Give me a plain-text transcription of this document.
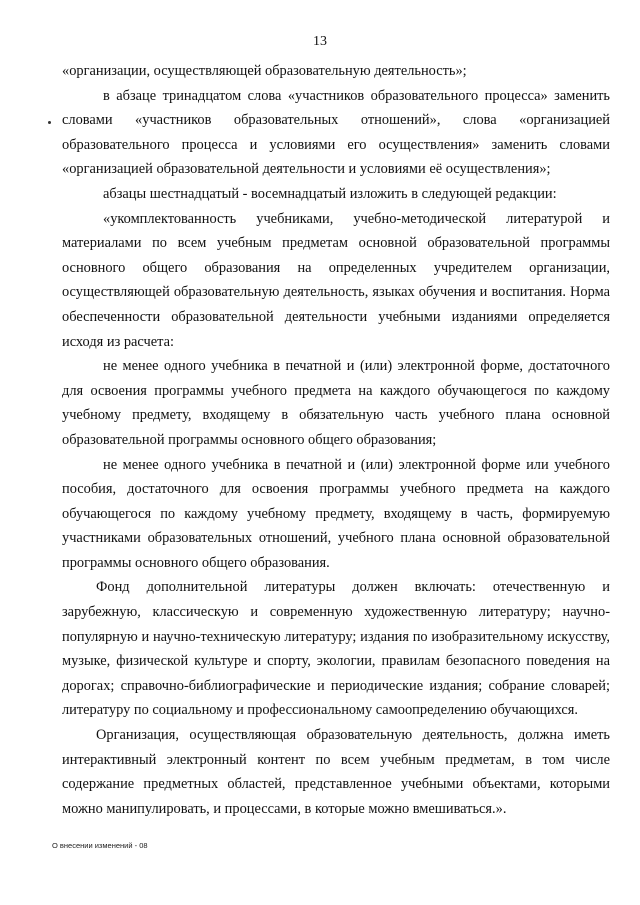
13

«организации, осуществляющей образовательную деятельность»;

в абзаце тринадцатом слова «участников образовательного процесса» заменить словами «участников образовательных отношений», слова «организацией образовательного процесса и условиями его осуществления» заменить словами «организацией образовательной деятельности и условиями её осуществления»;

абзацы шестнадцатый - восемнадцатый изложить в следующей редакции:

«укомплектованность учебниками, учебно-методической литературой и материалами по всем учебным предметам основной образовательной программы основного общего образования на определенных учредителем организации, осуществляющей образовательную деятельность, языках обучения и воспитания. Норма обеспеченности образовательной деятельности учебными изданиями определяется исходя из расчета:

не менее одного учебника в печатной и (или) электронной форме, достаточного для освоения программы учебного предмета на каждого обучающегося по каждому учебному предмету, входящему в обязательную часть учебного плана основной образовательной программы основного общего образования;

не менее одного учебника в печатной и (или) электронной форме или учебного пособия, достаточного для освоения программы учебного предмета на каждого обучающегося по каждому учебному предмету, входящему в часть, формируемую участниками образовательных отношений, учебного плана основной образовательной программы основного общего образования.

Фонд дополнительной литературы должен включать: отечественную и зарубежную, классическую и современную художественную литературу; научно-популярную и научно-техническую литературу; издания по изобразительному искусству, музыке, физической культуре и спорту, экологии, правилам безопасного поведения на дорогах; справочно-библиографические и периодические издания; собрание словарей; литературу по социальному и профессиональному самоопределению обучающихся.

Организация, осуществляющая образовательную деятельность, должна иметь интерактивный электронный контент по всем учебным предметам, в том числе содержание предметных областей, представленное учебными объектами, которыми можно манипулировать, и процессами, в которые можно вмешиваться.».

О внесении изменений - 08
